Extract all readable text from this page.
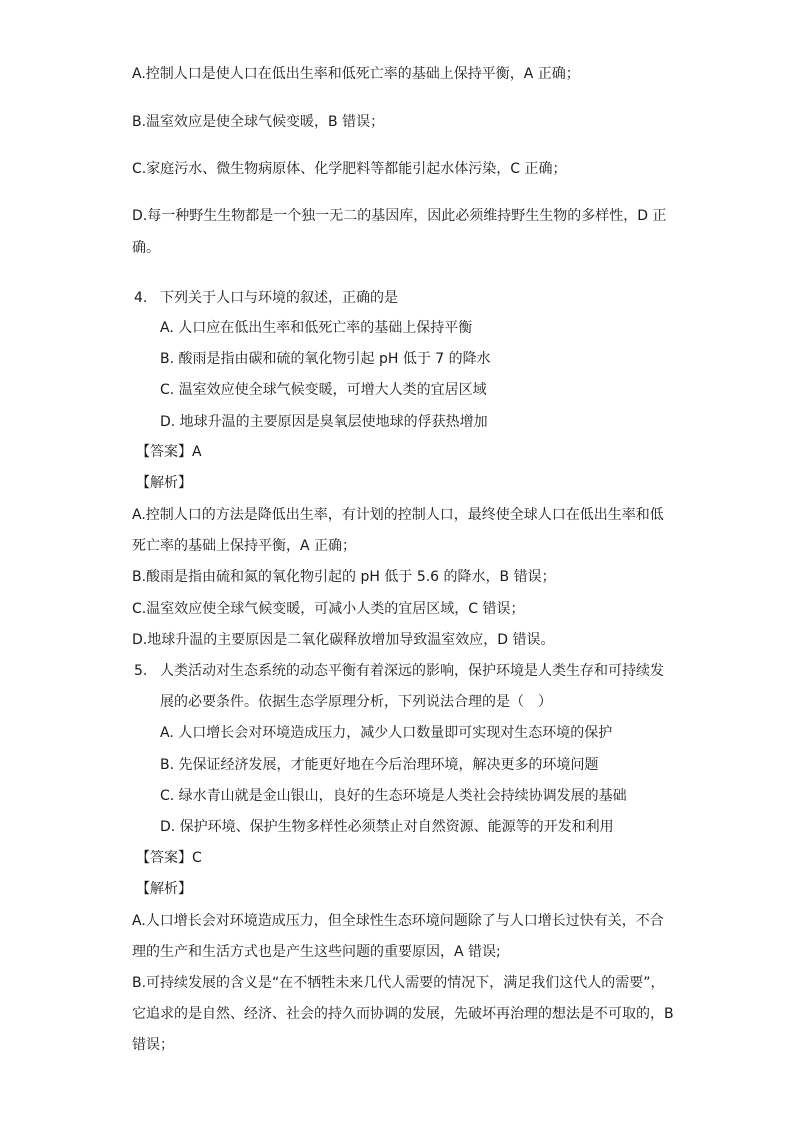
A.控制人口是使人口在低出生率和低死亡率的基础上保持平衡，A 正确；
B.温室效应是使全球气候变暖，B 错误；
C.家庭污水、微生物病原体、化学肥料等都能引起水体污染，C 正确；
D.每一种野生生物都是一个独一无二的基因库，因此必须维持野生生物的多样性，D 正
确。
4. 下列关于人口与环境的叙述，正确的是
A. 人口应在低出生率和低死亡率的基础上保持平衡
B. 酸雨是指由碳和硫的氧化物引起 pH 低于 7 的降水
C. 温室效应使全球气候变暖，可增大人类的宜居区域
D. 地球升温的主要原因是臭氧层使地球的俘获热增加
【答案】A
【解析】
A.控制人口的方法是降低出生率，有计划的控制人口，最终使全球人口在低出生率和低
死亡率的基础上保持平衡，A 正确；
B.酸雨是指由硫和氮的氧化物引起的 pH 低于 5.6 的降水，B 错误；
C.温室效应使全球气候变暖，可减小人类的宜居区域，C 错误；
D.地球升温的主要原因是二氧化碳释放增加导致温室效应，D 错误。
5. 人类活动对生态系统的动态平衡有着深远的影响，保护环境是人类生存和可持续发
展的必要条件。依据生态学原理分析，下列说法合理的是（　）
A. 人口增长会对环境造成压力，减少人口数量即可实现对生态环境的保护
B. 先保证经济发展，才能更好地在今后治理环境，解决更多的环境问题
C. 绿水青山就是金山银山，良好的生态环境是人类社会持续协调发展的基础
D. 保护环境、保护生物多样性必须禁止对自然资源、能源等的开发和利用
【答案】C
【解析】
A.人口增长会对环境造成压力，但全球性生态环境问题除了与人口增长过快有关，不合
理的生产和生活方式也是产生这些问题的重要原因，A 错误;
B.可持续发展的含义是“在不牺牲未来几代人需要的情况下，满足我们这代人的需要”，
它追求的是自然、经济、社会的持久而协调的发展，先破坏再治理的想法是不可取的，B
错误；
